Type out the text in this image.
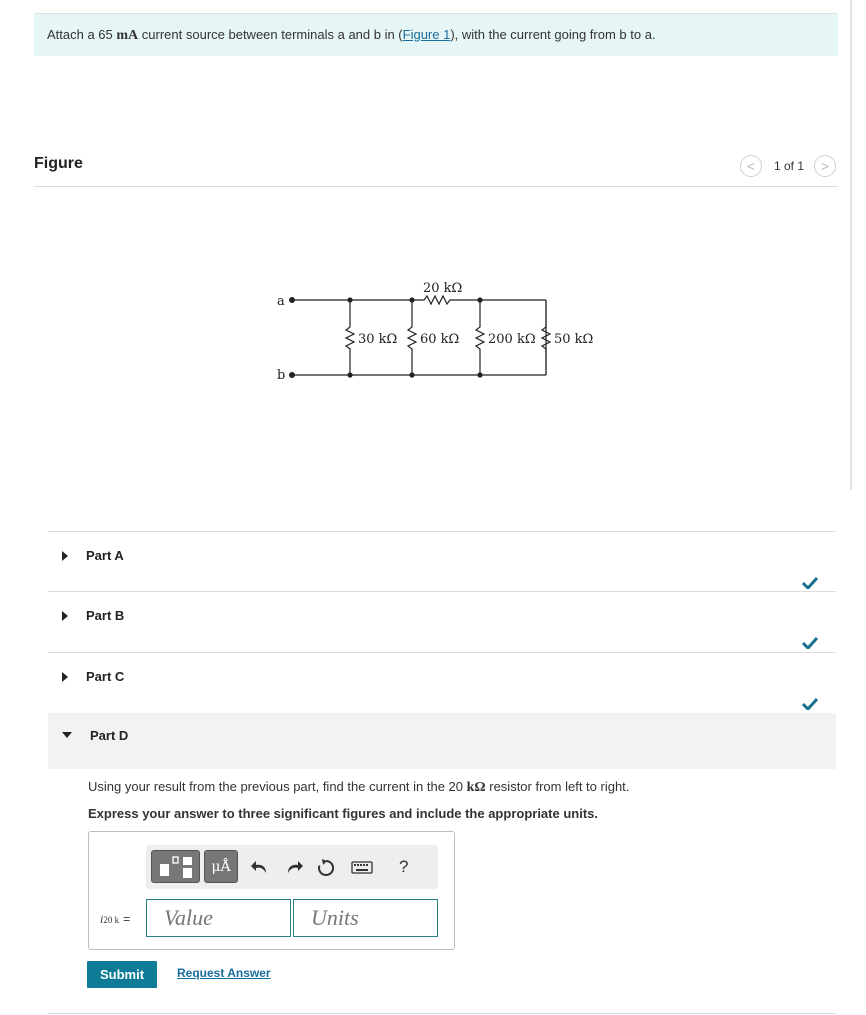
Attach a 65 mA current source between terminals a and b in (Figure 1), with the current going from b to a.
Figure	< 1 of 1 >
a
b
20 kΩ
30 kΩ 60 kΩ 200 kΩ 50 kΩ
Part A
Part B
Part C
Part D
Using your result from the previous part, find the current in the 20 kΩ resistor from left to right.
Express your answer to three significant figures and include the appropriate units.
μÅ	?
i20 k =	Value	Units
Submit	Request Answer
